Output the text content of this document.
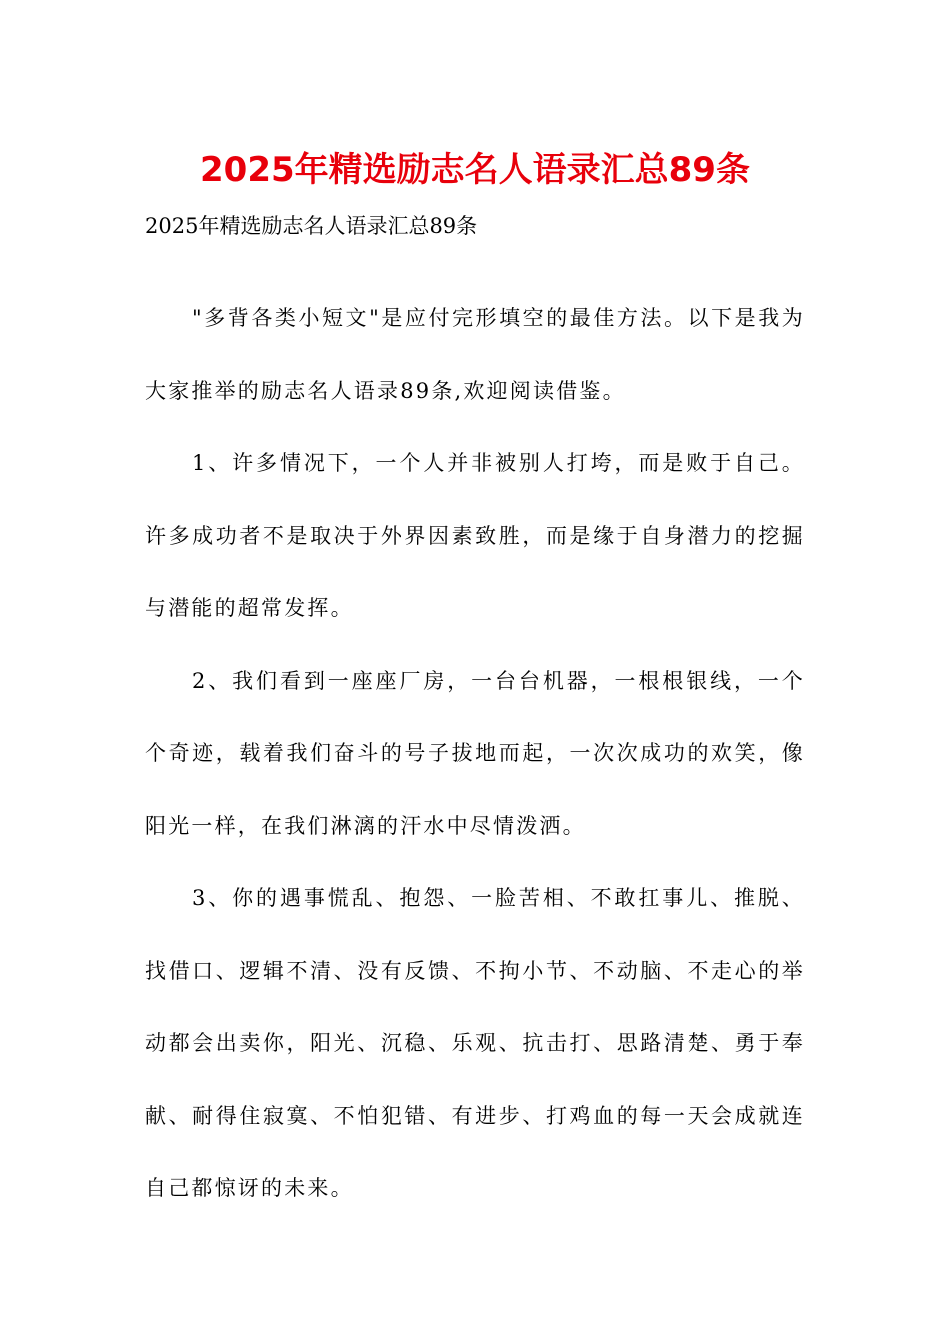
2025年精选励志名人语录汇总89条

2025年精选励志名人语录汇总89条

"多背各类小短文"是应付完形填空的最佳方法。以下是我为大家推举的励志名人语录89条,欢迎阅读借鉴。

1、许多情况下，一个人并非被别人打垮，而是败于自己。许多成功者不是取决于外界因素致胜，而是缘于自身潜力的挖掘与潜能的超常发挥。

2、我们看到一座座厂房，一台台机器，一根根银线，一个个奇迹，载着我们奋斗的号子拔地而起，一次次成功的欢笑，像阳光一样，在我们淋漓的汗水中尽情泼洒。

3、你的遇事慌乱、抱怨、一脸苦相、不敢扛事儿、推脱、找借口、逻辑不清、没有反馈、不拘小节、不动脑、不走心的举动都会出卖你，阳光、沉稳、乐观、抗击打、思路清楚、勇于奉献、耐得住寂寞、不怕犯错、有进步、打鸡血的每一天会成就连自己都惊讶的未来。
